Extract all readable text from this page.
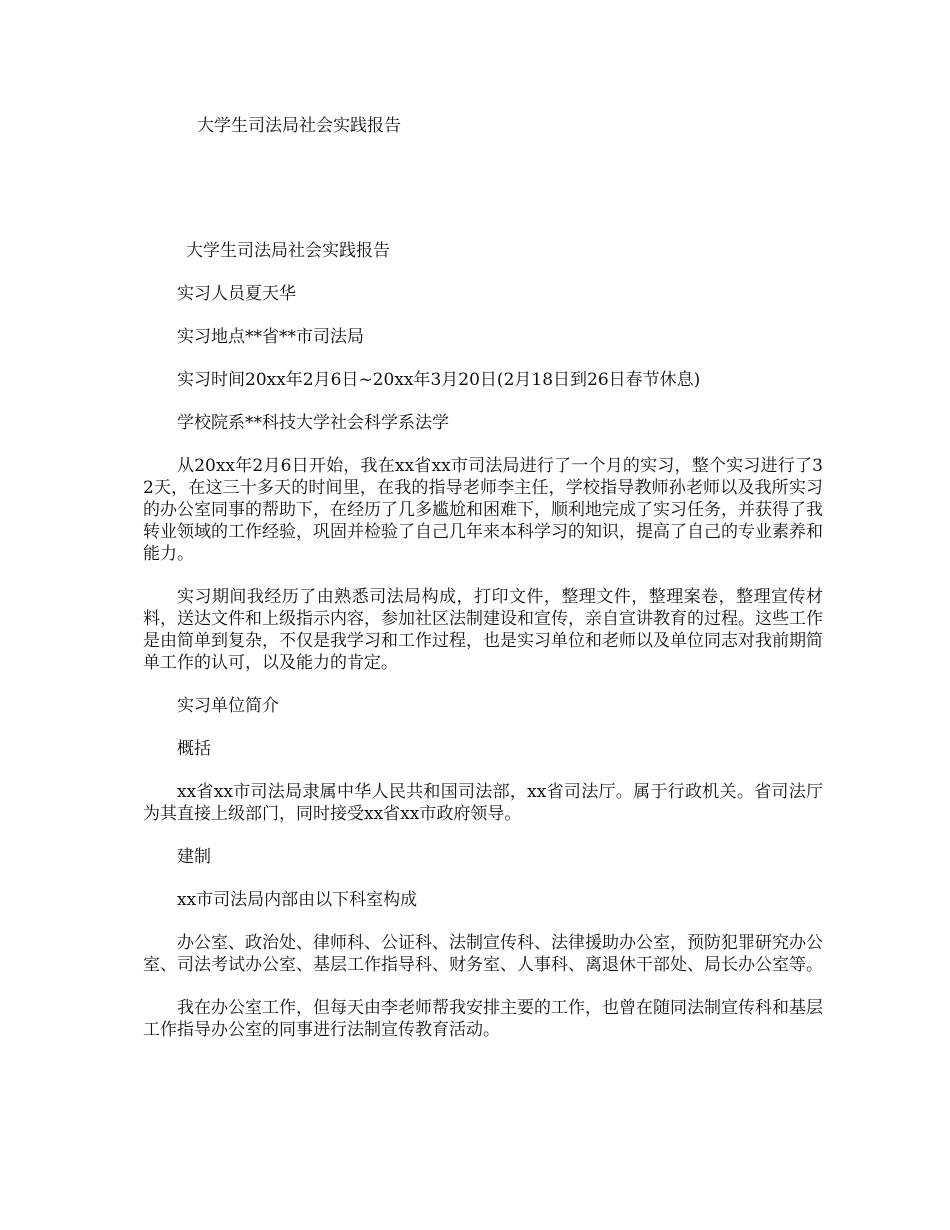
大学生司法局社会实践报告

大学生司法局社会实践报告

实习人员夏天华

实习地点**省**市司法局

实习时间20xx年2月6日~20xx年3月20日(2月18日到26日春节休息)

学校院系**科技大学社会科学系法学

从20xx年2月6日开始，我在xx省xx市司法局进行了一个月的实习，整个实习进行了32天，在这三十多天的时间里，在我的指导老师李主任，学校指导教师孙老师以及我所实习的办公室同事的帮助下，在经历了几多尴尬和困难下，顺利地完成了实习任务，并获得了我转业领域的工作经验，巩固并检验了自己几年来本科学习的知识，提高了自己的专业素养和能力。

实习期间我经历了由熟悉司法局构成，打印文件，整理文件，整理案卷，整理宣传材料，送达文件和上级指示内容，参加社区法制建设和宣传，亲自宣讲教育的过程。这些工作是由简单到复杂，不仅是我学习和工作过程，也是实习单位和老师以及单位同志对我前期简单工作的认可，以及能力的肯定。

实习单位简介

概括

xx省xx市司法局隶属中华人民共和国司法部，xx省司法厅。属于行政机关。省司法厅为其直接上级部门，同时接受xx省xx市政府领导。

建制

xx市司法局内部由以下科室构成

办公室、政治处、律师科、公证科、法制宣传科、法律援助办公室，预防犯罪研究办公室、司法考试办公室、基层工作指导科、财务室、人事科、离退休干部处、局长办公室等。

我在办公室工作，但每天由李老师帮我安排主要的工作，也曾在随同法制宣传科和基层工作指导办公室的同事进行法制宣传教育活动。
